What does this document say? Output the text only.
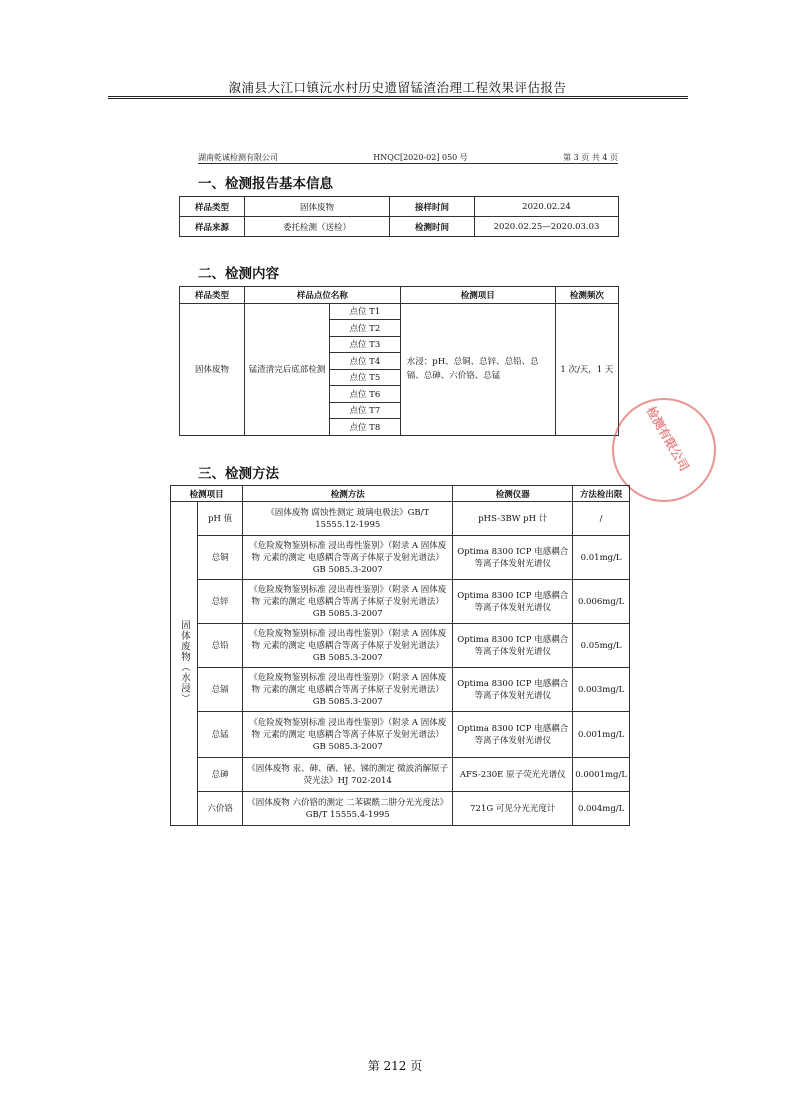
溆浦县大江口镇沅水村历史遗留锰渣治理工程效果评估报告
湖南乾诚检测有限公司	HNQC[2020-02] 050 号	第 3 页 共 4 页
一、检测报告基本信息
样品类型	固体废物	接样时间	2020.02.24
样品来源	委托检测（送检）	检测时间	2020.02.25—2020.03.03
二、检测内容
样品类型	样品点位名称		检测项目	检测频次
固体废物	锰渣清完后底部检测	点位 T1	水浸：pH、总铜、总锌、总铅、总镉、总砷、六价铬、总锰	1 次/天，1 天
		点位 T2		
		点位 T3		
		点位 T4		
		点位 T5		
		点位 T6		
		点位 T7		
		点位 T8			检测有限公司
三、检测方法
检测项目		检测方法	检测仪器	方法检出限
固体废物（水浸）	pH 值	《固体废物 腐蚀性测定 玻璃电极法》GB/T 15555.12-1995	pHS-3BW pH 计	/
	总铜	《危险废物鉴别标准 浸出毒性鉴别》（附录 A 固体废物 元素的测定 电感耦合等离子体原子发射光谱法）GB 5085.3-2007	Optima 8300 ICP 电感耦合等离子体发射光谱仪	0.01mg/L
	总锌	《危险废物鉴别标准 浸出毒性鉴别》（附录 A 固体废物 元素的测定 电感耦合等离子体原子发射光谱法）GB 5085.3-2007	Optima 8300 ICP 电感耦合等离子体发射光谱仪	0.006mg/L
	总铅	《危险废物鉴别标准 浸出毒性鉴别》（附录 A 固体废物 元素的测定 电感耦合等离子体原子发射光谱法）GB 5085.3-2007	Optima 8300 ICP 电感耦合等离子体发射光谱仪	0.05mg/L
	总镉	《危险废物鉴别标准 浸出毒性鉴别》（附录 A 固体废物 元素的测定 电感耦合等离子体原子发射光谱法）GB 5085.3-2007	Optima 8300 ICP 电感耦合等离子体发射光谱仪	0.003mg/L
	总锰	《危险废物鉴别标准 浸出毒性鉴别》（附录 A 固体废物 元素的测定 电感耦合等离子体原子发射光谱法）GB 5085.3-2007	Optima 8300 ICP 电感耦合等离子体发射光谱仪	0.001mg/L
	总砷	《固体废物 汞、砷、硒、铋、锑的测定 微波消解原子荧光法》HJ 702-2014	AFS-230E 原子荧光光谱仪	0.0001mg/L
	六价铬	《固体废物 六价铬的测定 二苯碳酰二肼分光光度法》GB/T 15555.4-1995	721G 可见分光光度计	0.004mg/L
第 212 页
